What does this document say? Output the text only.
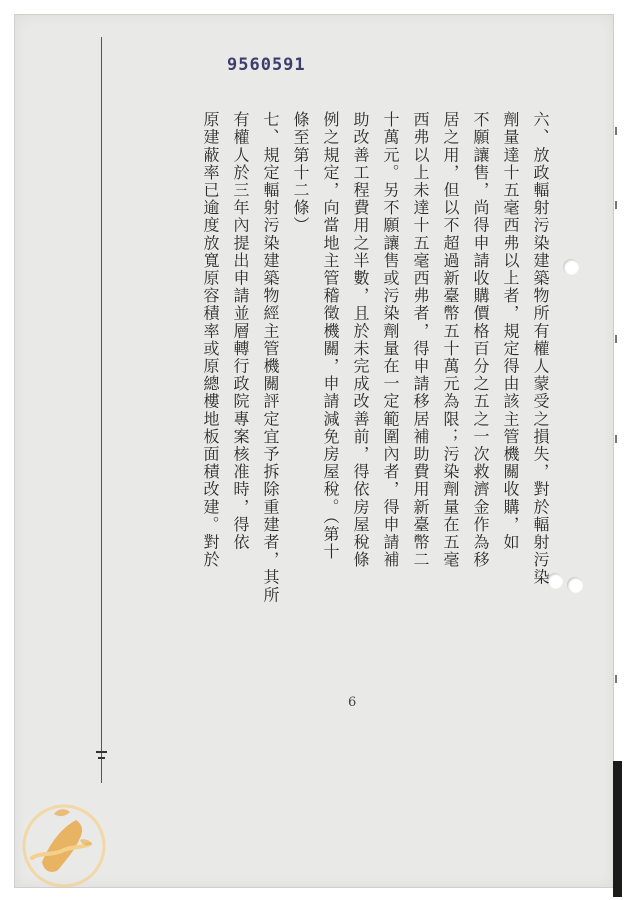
9560591

六、放政輻射污染建築物所有權人蒙受之損失，對於輻射污染

劑量達十五毫西弗以上者，規定得由該主管機關收購，如

不願讓售，尚得申請收購價格百分之五之一次救濟金作為移

居之用，但以不超過新臺幣五十萬元為限；污染劑量在五毫

西弗以上未達十五毫西弗者，得申請移居補助費用新臺幣二

十萬元。另不願讓售或污染劑量在一定範圍內者，得申請補

助改善工程費用之半數，且於未完成改善前，得依房屋稅條

例之規定，向當地主管稽徵機關，申請減免房屋稅。（第十

條至第十二條）

七、規定輻射污染建築物經主管機關評定宜予拆除重建者，其所

有權人於三年內提出申請並層轉行政院專案核准時，得依

原建蔽率已逾度放寬原容積率或原總樓地板面積改建。對於

6
